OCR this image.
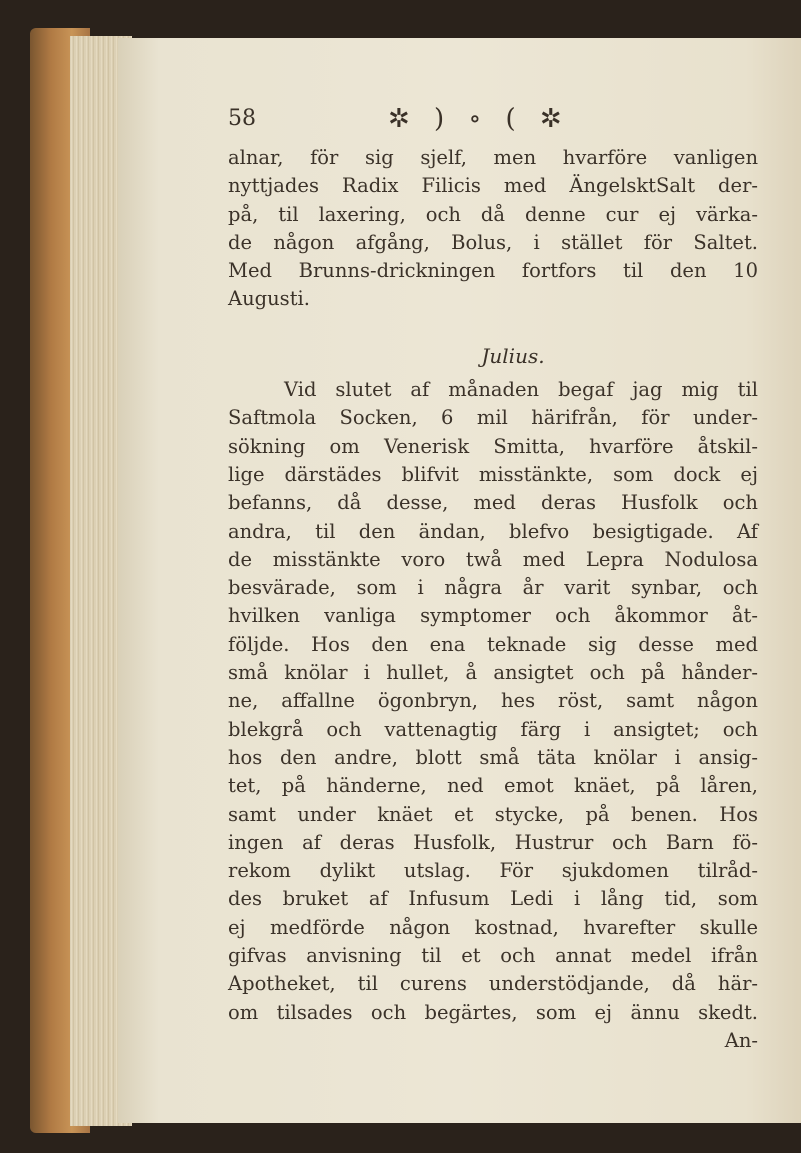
58	✲ ) ∘ ( ✲
alnar, för sig sjelf, men hvarföre vanligen
nyttjades Radix Filicis med ÄngelsktSalt der-
på, til laxering, och då denne cur ej värka-
de någon afgång, Bolus, i stället för Saltet.
Med Brunns-drickningen fortfors til den 10
Augusti.
Julius.
Vid slutet af månaden begaf jag mig til
Saftmola Socken, 6 mil härifrån, för under-
sökning om Venerisk Smitta, hvarföre åtskil-
lige därstädes blifvit misstänkte, som dock ej
befanns, då desse, med deras Husfolk och
andra, til den ändan, blefvo besigtigade. Af
de misstänkte voro twå med Lepra Nodulosa
besvärade, som i några år varit synbar, och
hvilken vanliga symptomer och åkommor åt-
följde. Hos den ena teknade sig desse med
små knölar i hullet, å ansigtet och på hånder-
ne, affallne ögonbryn, hes röst, samt någon
blekgrå och vattenagtig färg i ansigtet; och
hos den andre, blott små täta knölar i ansig-
tet, på händerne, ned emot knäet, på låren,
samt under knäet et stycke, på benen. Hos
ingen af deras Husfolk, Hustrur och Barn fö-
rekom dylikt utslag. För sjukdomen tilråd-
des bruket af Infusum Ledi i lång tid, som
ej medförde någon kostnad, hvarefter skulle
gifvas anvisning til et och annat medel ifrån
Apotheket, til curens understödjande, då här-
om tilsades och begärtes, som ej ännu skedt.
An-
